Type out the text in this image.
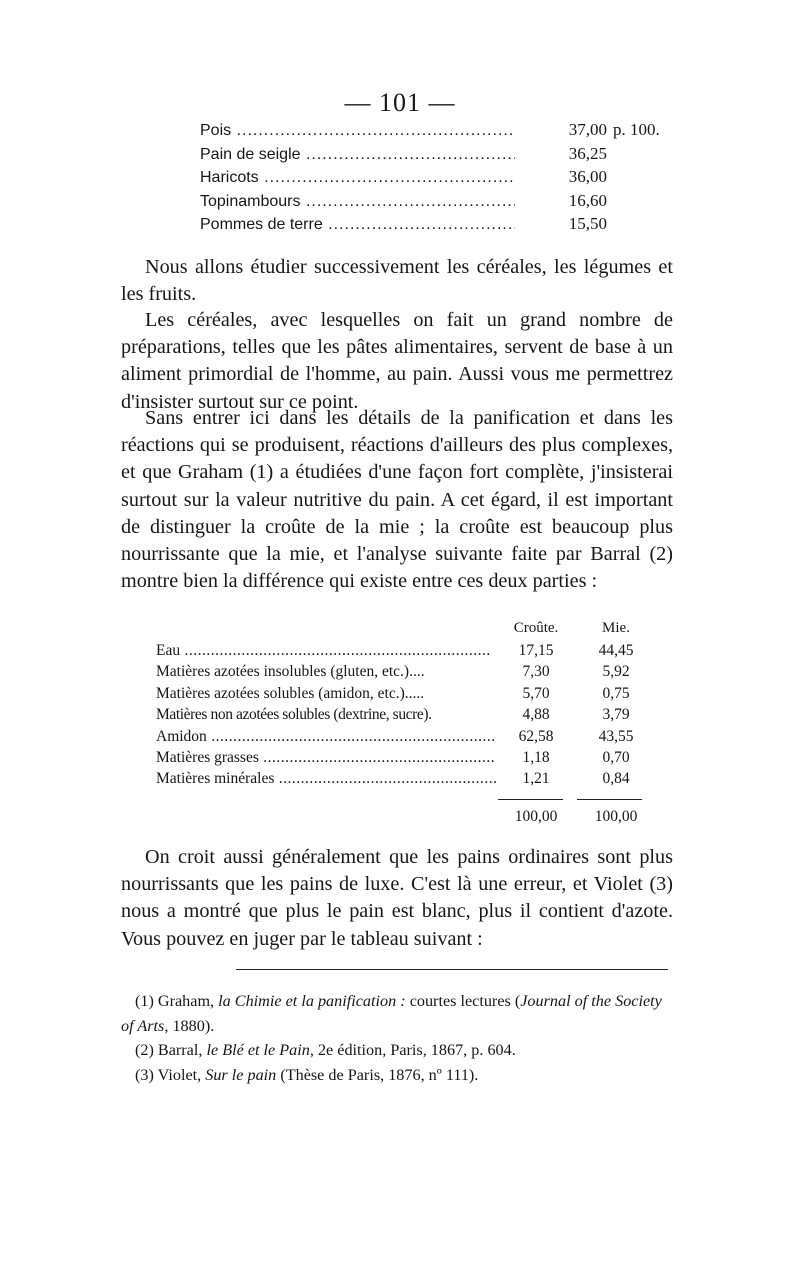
— 101 —
Pois .....	37,00 p. 100.
Pain de seigle .....	36,25
Haricots .....	36,00
Topinambours .....	16,60
Pommes de terre .....	15,50

Nous allons étudier successivement les céréales, les légumes et les fruits.

Les céréales, avec lesquelles on fait un grand nombre de préparations, telles que les pâtes alimentaires, servent de base à un aliment primordial de l'homme, au pain. Aussi vous me permettrez d'insister surtout sur ce point.

Sans entrer ici dans les détails de la panification et dans les réactions qui se produisent, réactions d'ailleurs des plus complexes, et que Graham (1) a étudiées d'une façon fort complète, j'insisterai surtout sur la valeur nutritive du pain. A cet égard, il est important de distinguer la croûte de la mie ; la croûte est beaucoup plus nourrissante que la mie, et l'analyse suivante faite par Barral (2) montre bien la différence qui existe entre ces deux parties :

Croûte.	Mie.
Eau .....	17,15	44,45
Matières azotées insolubles (gluten, etc.)....	7,30	5,92
Matières azotées solubles (amidon, etc.).....	5,70	0,75
Matières non azotées solubles (dextrine, sucre).	4,88	3,79
Amidon .....	62,58	43,55
Matières grasses .....	1,18	0,70
Matières minérales .....	1,21	0,84
100,00	100,00

On croit aussi généralement que les pains ordinaires sont plus nourrissants que les pains de luxe. C'est là une erreur, et Violet (3) nous a montré que plus le pain est blanc, plus il contient d'azote. Vous pouvez en juger par le tableau suivant :

(1) Graham, la Chimie et la panification : courtes lectures (Journal of the Society of Arts, 1880).

(2) Barral, le Blé et le Pain, 2e édition, Paris, 1867, p. 604.

(3) Violet, Sur le pain (Thèse de Paris, 1876, nº 111).
